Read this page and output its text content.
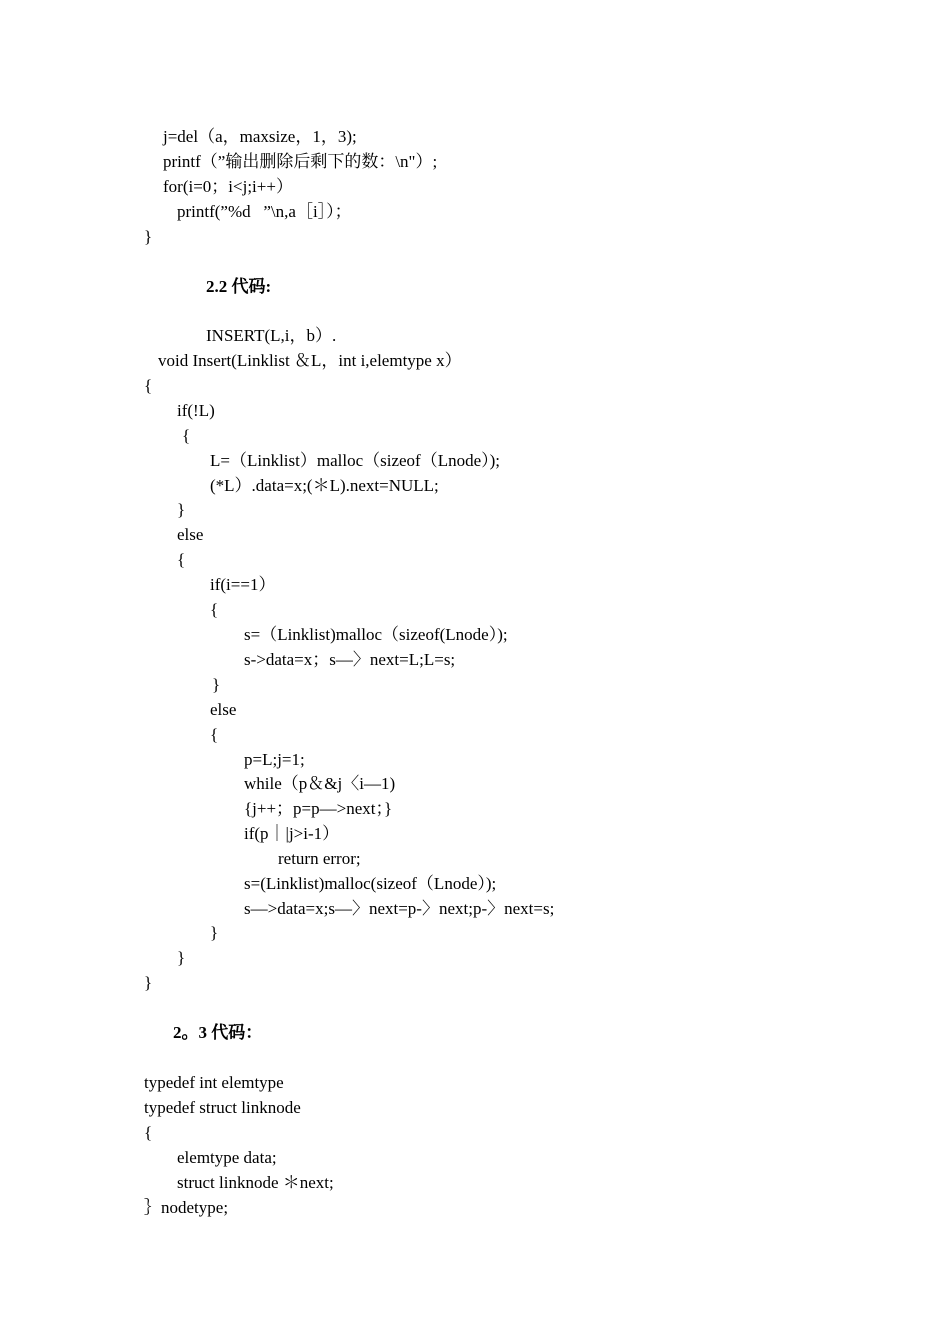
j=del（a，maxsize，1，3);
printf（”输出删除后剩下的数：\n"）;
for(i=0；i<j;i++）
printf(”%d   ”\n,a［i］）；
}
2.2 代码:
INSERT(L,i，b）.
void Insert(Linklist ＆L，int i,elemtype x）
{
if(!L)
{
L=（Linklist）malloc（sizeof（Lnode）);
(*L）.data=x;(＊L).next=NULL;
}
else
{
if(i==1）
{
s=（Linklist)malloc（sizeof(Lnode）);
s->data=x；s—〉next=L;L=s;
}
else
{
p=L;j=1;
while（p＆&j〈i—1)
{j++；p=p—>next；}
if(p｜|j>i-1）
return error;
s=(Linklist)malloc(sizeof（Lnode）);
s—>data=x;s—〉next=p-〉next;p-〉next=s;
}
}
}
2。3 代码：
typedef int elemtype
typedef struct linknode
{
elemtype data;
struct linknode ＊next;
｝nodetype;
